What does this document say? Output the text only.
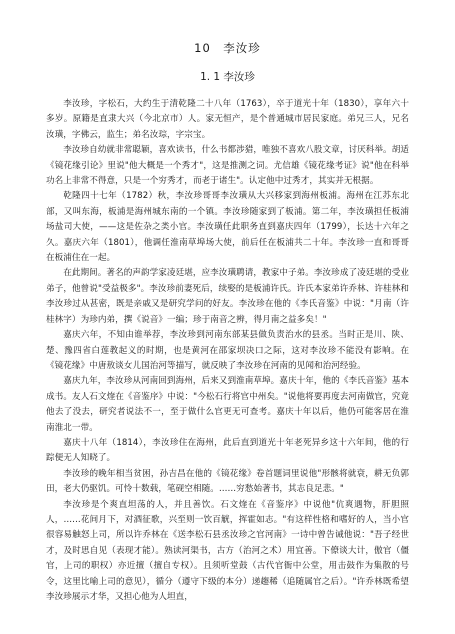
10　李汝珍
1. 1 李汝珍

李汝珍，字松石，大约生于清乾隆二十八年（1763），卒于道光十年（1830），享年六十多岁。原籍是直隶大兴（今北京市）人。家无恒产，是个普通城市居民家庭。弟兄三人，兄名汝璜，字佛云，监生；弟名汝琮，字宗宝。

李汝珍自幼就非常聪颖，喜欢读书，什么书都涉猎，唯独不喜欢八股文章，讨厌科举。胡适《镜花缘引论》里说"他大概是一个秀才"，这是推测之词。尤信雄《镜花缘考证》说"他在科举功名上非常不得意，只是一个穷秀才，而老于诸生"。认定他中过秀才，其实并无根据。

乾隆四十七年（1782）秋，李汝珍哥哥李汝璜从大兴移家到海州板浦。海州在江苏东北部，又叫东海，板浦是海州城东南的一个镇。李汝珍随家到了板浦。第二年，李汝璜担任板浦场盐司大使，——这是佐杂之类小官。李汝璜任此职务直到嘉庆四年（1799），长达十六年之久。嘉庆六年（1801），他调任淮南草埠场大使，前后任在板浦共二十年。李汝珍一直和哥哥在板浦住在一起。

在此期间。著名的声韵学家凌廷堪，应李汝璜聘请，教家中子弟。李汝珍成了凌廷堪的受业弟子，他曾说"受益极多"。李汝珍前妻死后，续娶的是板浦许氏。许氏本家弟许乔林、许桂林和李汝珍过从甚密，既是亲戚又是研究学问的好友。李汝珍在他的《李氏音鉴》中说："月南（许桂林字）为珍内弟，撰《说音》一编；珍于南音之辨，得月南之益多矣！"

嘉庆六年，不知由谁举荐，李汝珍到河南东部某县做负责治水的县丞。当时正是川、陕、楚、豫四省白莲教起义的时期，也是黄河在邵家坝决口之际，这对李汝珍不能没有影响。在《镜花缘》中唐敖谈女儿国治河等描写，就反映了李汝珍在河南的见闻和治河经验。

嘉庆九年，李汝珍从河南回到海州，后来又到淮南草埠。嘉庆十年，他的《李氏音鉴》基本成书。友人石文煃在《音鉴序》中说："今松石行将官中州矣。"说他将要再度去河南做官，究竟他去了没去，研究者说法不一，至于做什么官更无可查考。嘉庆十年以后，他仍可能客居在淮南淮北一带。

嘉庆十八年（1814），李汝珍住在海州，此后直到道光十年老死异乡这十六年间，他的行踪便无人知晓了。

李汝珍的晚年相当贫困，孙吉昌在他的《镜花缘》卷首题词里说他"形骸将就衰，耕无负郭田，老大仍驱饥。可怜十数载，笔砚空相随。……穷愁始著书，其志良足悲。"

李汝珍是个爽直坦荡的人，并且善饮。石文煃在《音鉴序》中说他"伉爽遇物，肝胆照人，……花间月下，对酒征歌，兴至则一饮百觥，挥霍如志。"有这样性格和嗜好的人，当小官很容易触怒上司，所以许乔林在《送李松石县丞汝珍之官河南》一诗中曾告诫他说："吾子经世才，及时思自见（表现才能）。熟读河渠书，古方（治河之术）用宜善。下僚谈大计，傲官（僵官，上司的职权）亦近擅（擅自专权）。且须听堂鼓（古代官衙中公堂，用击鼓作为集散的号令，这里比喻上司的意见），循分（遵守下级的本分）递趨稀（追随属官之后）。"许乔林既希望李汝珍展示才华，又担心他为人坦直，
